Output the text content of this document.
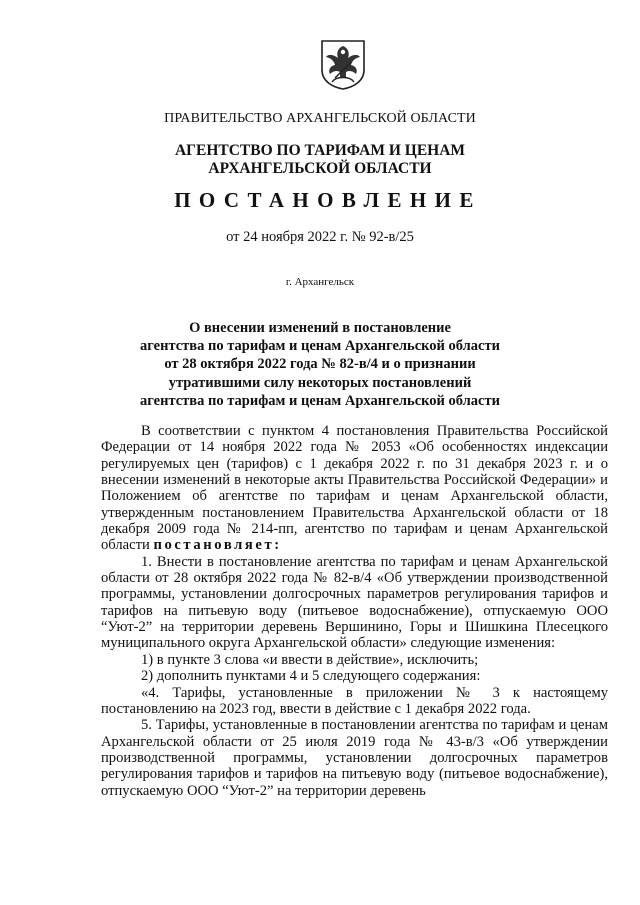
ПРАВИТЕЛЬСТВО АРХАНГЕЛЬСКОЙ ОБЛАСТИ
АГЕНТСТВО ПО ТАРИФАМ И ЦЕНАМ
АРХАНГЕЛЬСКОЙ ОБЛАСТИ
ПОСТАНОВЛЕНИЕ
от 24 ноября 2022 г. № 92-в/25
г. Архангельск
О внесении изменений в постановление
агентства по тарифам и ценам Архангельской области
от 28 октября 2022 года № 82-в/4 и о признании
утратившими силу некоторых постановлений
агентства по тарифам и ценам Архангельской области

В соответствии с пунктом 4 постановления Правительства Российской Федерации от 14 ноября 2022 года № 2053 «Об особенностях индексации регулируемых цен (тарифов) с 1 декабря 2022 г. по 31 декабря 2023 г. и о внесении изменений в некоторые акты Правительства Российской Федерации» и Положением об агентстве по тарифам и ценам Архангельской области, утвержденным постановлением Правительства Архангельской области от 18 декабря 2009 года № 214-пп, агентство по тарифам и ценам Архангельской области постановляет:

1. Внести в постановление агентства по тарифам и ценам Архангельской области от 28 октября 2022 года № 82-в/4 «Об утверждении производственной программы, установлении долгосрочных параметров регулирования тарифов и тарифов на питьевую воду (питьевое водоснабжение), отпускаемую ООО “Уют-2” на территории деревень Вершинино, Горы и Шишкина Плесецкого муниципального округа Архангельской области» следующие изменения:

1) в пункте 3 слова «и ввести в действие», исключить;

2) дополнить пунктами 4 и 5 следующего содержания:

«4. Тарифы, установленные в приложении № 3 к настоящему постановлению на 2023 год, ввести в действие с 1 декабря 2022 года.

5. Тарифы, установленные в постановлении агентства по тарифам и ценам Архангельской области от 25 июля 2019 года № 43-в/3 «Об утверждении производственной программы, установлении долгосрочных параметров регулирования тарифов и тарифов на питьевую воду (питьевое водоснабжение), отпускаемую ООО “Уют-2” на территории деревень
